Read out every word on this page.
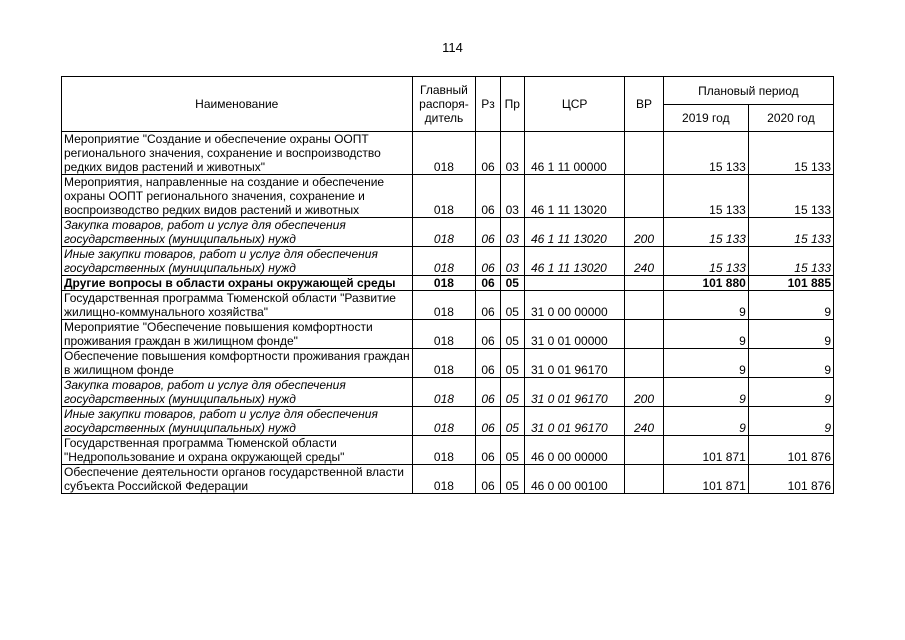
114
Наименование	Главный распоря-дитель	Рз	Пр	ЦСР	ВР	Плановый период	
						2019 год	2020 год
Мероприятие "Создание и обеспечение охраны ООПТ регионального значения, сохранение и воспроизводство редких видов растений и животных"	018	06	03	46 1 11 00000		15 133	15 133
Мероприятия, направленные на создание и обеспечение охраны ООПТ регионального значения, сохранение и воспроизводство редких видов растений и животных	018	06	03	46 1 11 13020		15 133	15 133
Закупка товаров, работ и услуг для обеспечения государственных (муниципальных) нужд	018	06	03	46 1 11 13020	200	15 133	15 133
Иные закупки товаров, работ и услуг для обеспечения государственных (муниципальных) нужд	018	06	03	46 1 11 13020	240	15 133	15 133
Другие вопросы в области охраны окружающей среды	018	06	05			101 880	101 885
Государственная программа Тюменской области "Развитие жилищно-коммунального хозяйства"	018	06	05	31 0 00 00000		9	9
Мероприятие "Обеспечение повышения комфортности проживания граждан в жилищном фонде"	018	06	05	31 0 01 00000		9	9
Обеспечение повышения комфортности проживания граждан в жилищном фонде	018	06	05	31 0 01 96170		9	9
Закупка товаров, работ и услуг для обеспечения государственных (муниципальных) нужд	018	06	05	31 0 01 96170	200	9	9
Иные закупки товаров, работ и услуг для обеспечения государственных (муниципальных) нужд	018	06	05	31 0 01 96170	240	9	9
Государственная программа Тюменской области "Недропользование и охрана окружающей среды"	018	06	05	46 0 00 00000		101 871	101 876
Обеспечение деятельности органов государственной власти субъекта Российской Федерации	018	06	05	46 0 00 00100		101 871	101 876
